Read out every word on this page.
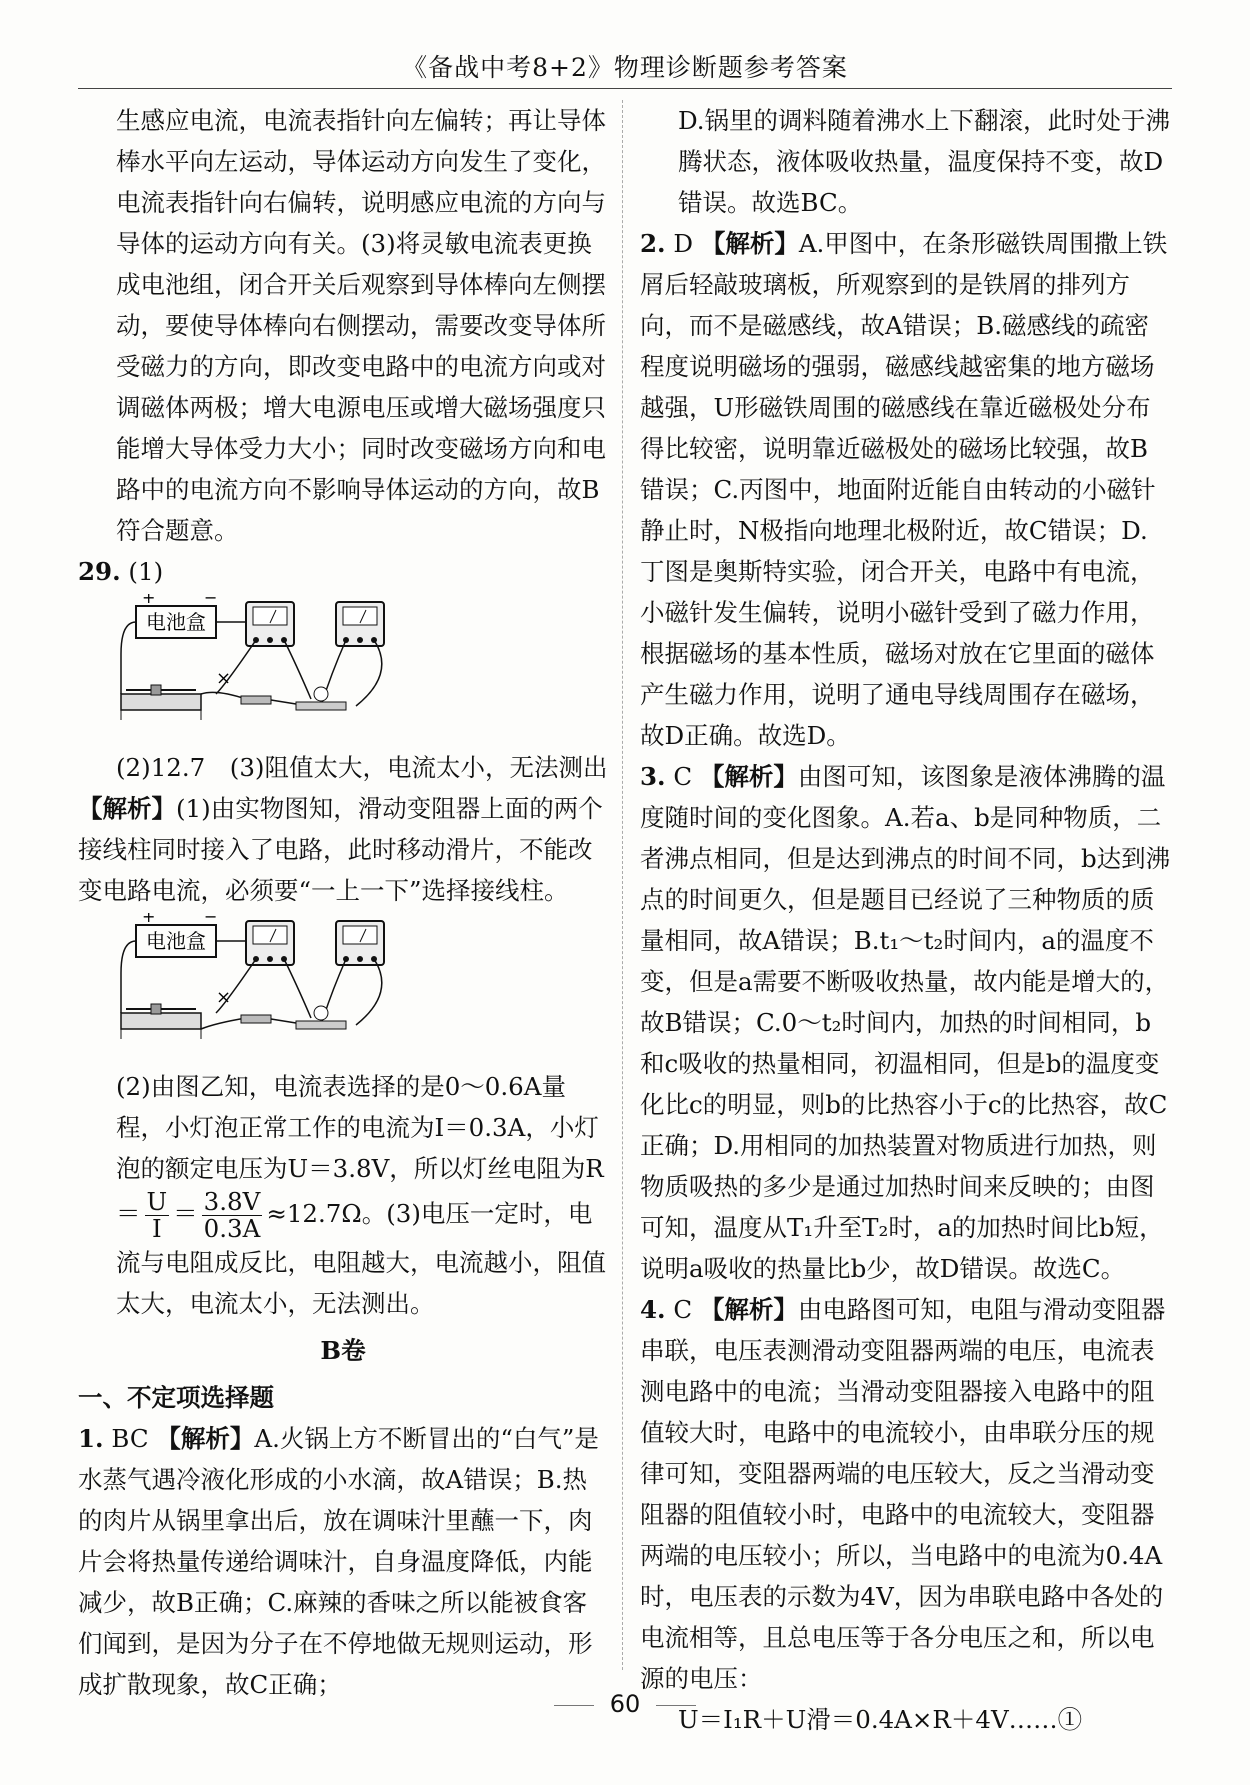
《备战中考8+2》物理诊断题参考答案
生感应电流，电流表指针向左偏转；再让导体棒水平向左运动，导体运动方向发生了变化，电流表指针向右偏转，说明感应电流的方向与导体的运动方向有关。(3)将灵敏电流表更换成电池组，闭合开关后观察到导体棒向左侧摆动，要使导体棒向右侧摆动，需要改变导体所受磁力的方向，即改变电路中的电流方向或对调磁体两极；增大电源电压或增大磁场强度只能增大导体受力大小；同时改变磁场方向和电路中的电流方向不影响导体运动的方向，故B符合题意。
29. (1)
电池盒
+	−
×
(2)12.7　(3)阻值太大，电流太小，无法测出
【解析】(1)由实物图知，滑动变阻器上面的两个接线柱同时接入了电路，此时移动滑片，不能改变电路电流，必须要“一上一下”选择接线柱。
电池盒
+	−
×
(2)由图乙知，电流表选择的是0～0.6A量程，小灯泡正常工作的电流为I＝0.3A，小灯泡的额定电压为U＝3.8V，所以灯丝电阻为$R= \frac{U}{I} = \frac{3.8V}{0.3A} \approx 12.7\Omega$。(3)电压一定时，电流与电阻成反比，电阻越大，电流越小，阻值太大，电流太小，无法测出。
B卷
一、不定项选择题
1. BC 【解析】A.火锅上方不断冒出的“白气”是水蒸气遇冷液化形成的小水滴，故A错误；B.热的肉片从锅里拿出后，放在调味汁里蘸一下，肉片会将热量传递给调味汁，自身温度降低，内能减少，故B正确；C.麻辣的香味之所以能被食客们闻到，是因为分子在不停地做无规则运动，形成扩散现象，故C正确；
D.锅里的调料随着沸水上下翻滚，此时处于沸腾状态，液体吸收热量，温度保持不变，故D错误。故选BC。
2. D 【解析】A.甲图中，在条形磁铁周围撒上铁屑后轻敲玻璃板，所观察到的是铁屑的排列方向，而不是磁感线，故A错误；B.磁感线的疏密程度说明磁场的强弱，磁感线越密集的地方磁场越强，U形磁铁周围的磁感线在靠近磁极处分布得比较密，说明靠近磁极处的磁场比较强，故B错误；C.丙图中，地面附近能自由转动的小磁针静止时，N极指向地理北极附近，故C错误；D.丁图是奥斯特实验，闭合开关，电路中有电流，小磁针发生偏转，说明小磁针受到了磁力作用，根据磁场的基本性质，磁场对放在它里面的磁体产生磁力作用，说明了通电导线周围存在磁场，故D正确。故选D。
3. C 【解析】由图可知，该图象是液体沸腾的温度随时间的变化图象。A.若a、b是同种物质，二者沸点相同，但是达到沸点的时间不同，b达到沸点的时间更久，但是题目已经说了三种物质的质量相同，故A错误；B.t₁～t₂时间内，a的温度不变，但是a需要不断吸收热量，故内能是增大的，故B错误；C.0～t₂时间内，加热的时间相同，b和c吸收的热量相同，初温相同，但是b的温度变化比c的明显，则b的比热容小于c的比热容，故C正确；D.用相同的加热装置对物质进行加热，则物质吸热的多少是通过加热时间来反映的；由图可知，温度从T₁升至T₂时，a的加热时间比b短，说明a吸收的热量比b少，故D错误。故选C。
4. C 【解析】由电路图可知，电阻与滑动变阻器串联，电压表测滑动变阻器两端的电压，电流表测电路中的电流；当滑动变阻器接入电路中的阻值较大时，电路中的电流较小，由串联分压的规律可知，变阻器两端的电压较大，反之当滑动变阻器的阻值较小时，电路中的电流较大，变阻器两端的电压较小；所以，当电路中的电流为0.4A时，电压表的示数为4V，因为串联电路中各处的电流相等，且总电压等于各分电压之和，所以电源的电压：
U＝I₁R＋U滑＝0.4A×R＋4V……①
60
